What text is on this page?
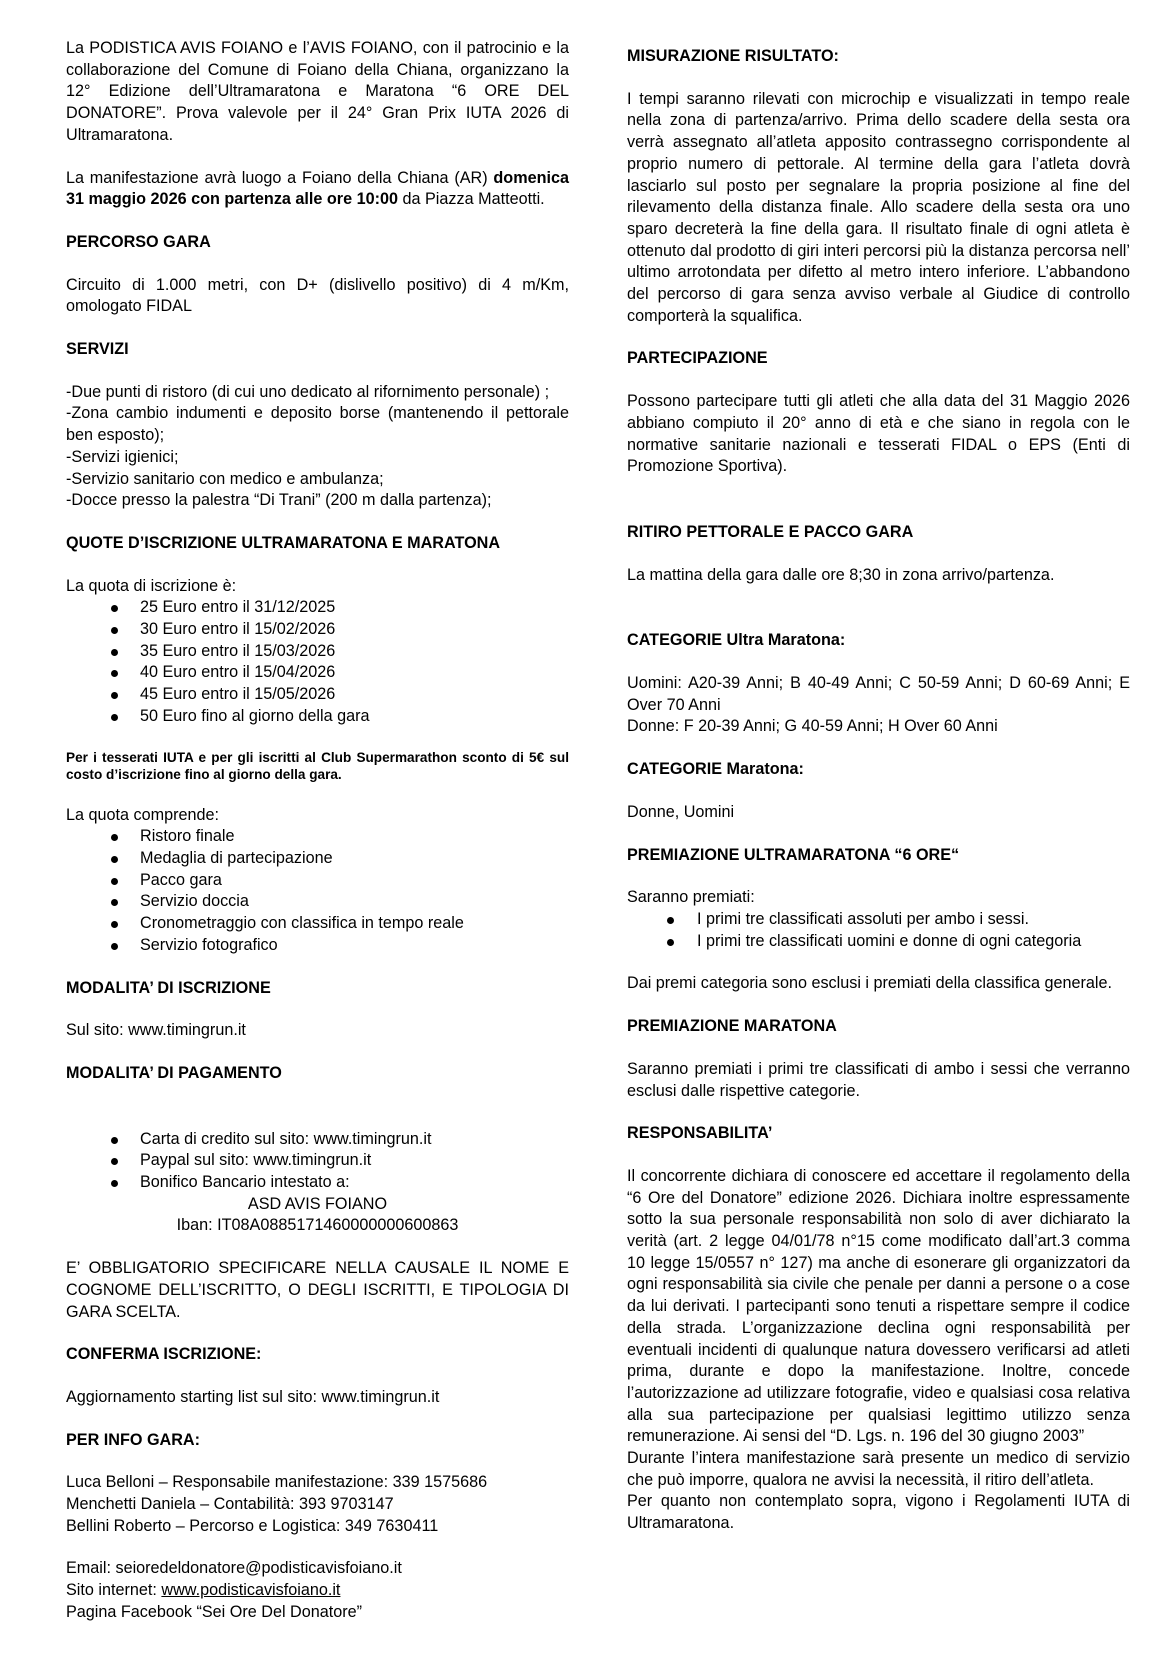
La PODISTICA AVIS FOIANO e l’AVIS FOIANO, con il patrocinio e la collaborazione del Comune di Foiano della Chiana, organizzano la 12° Edizione dell’Ultramaratona e Maratona “6 ORE DEL DONATORE”. Prova valevole per il 24° Gran Prix IUTA 2026 di Ultramaratona.

La manifestazione avrà luogo a Foiano della Chiana (AR) domenica 31 maggio 2026 con partenza alle ore 10:00 da Piazza Matteotti.

PERCORSO GARA

Circuito di 1.000 metri, con D+ (dislivello positivo) di 4 m/Km, omologato FIDAL

SERVIZI

-Due punti di ristoro (di cui uno dedicato al rifornimento personale) ;

-Zona cambio indumenti e deposito borse (mantenendo il pettorale ben esposto);

-Servizi igienici;

-Servizio sanitario con medico e ambulanza;

-Docce presso la palestra “Di Trani” (200 m dalla partenza);

QUOTE D’ISCRIZIONE ULTRAMARATONA E MARATONA

La quota di iscrizione è:

25 Euro entro il 31/12/2025
30 Euro entro il 15/02/2026
35 Euro entro il 15/03/2026
40 Euro entro il 15/04/2026
45 Euro entro il 15/05/2026
50 Euro fino al giorno della gara

Per i tesserati IUTA e per gli iscritti al Club Supermarathon sconto di 5€ sul costo d’iscrizione fino al giorno della gara.

La quota comprende:

Ristoro finale
Medaglia di partecipazione
Pacco gara
Servizio doccia
Cronometraggio con classifica in tempo reale
Servizio fotografico
MODALITA’ DI ISCRIZIONE

Sul sito: www.timingrun.it

MODALITA’ DI PAGAMENTO
Carta di credito sul sito: www.timingrun.it
Paypal sul sito: www.timingrun.it
Bonifico Bancario intestato a:

ASD AVIS FOIANO

Iban: IT08A0885171460000000600863

E’ OBBLIGATORIO SPECIFICARE NELLA CAUSALE IL NOME E COGNOME DELL’ISCRITTO, O DEGLI ISCRITTI, E TIPOLOGIA DI GARA SCELTA.

CONFERMA ISCRIZIONE:

Aggiornamento starting list sul sito: www.timingrun.it

PER INFO GARA:

Luca Belloni – Responsabile manifestazione: 339 1575686

Menchetti Daniela – Contabilità: 393 9703147

Bellini Roberto – Percorso e Logistica: 349 7630411

Email: seioredeldonatore@podisticavisfoiano.it

Sito internet: www.podisticavisfoiano.it

Pagina Facebook “Sei Ore Del Donatore”

MISURAZIONE RISULTATO:

I tempi saranno rilevati con microchip e visualizzati in tempo reale nella zona di partenza/arrivo. Prima dello scadere della sesta ora verrà assegnato all’atleta apposito contrassegno corrispondente al proprio numero di pettorale. Al termine della gara l’atleta dovrà lasciarlo sul posto per segnalare la propria posizione al fine del rilevamento della distanza finale. Allo scadere della sesta ora uno sparo decreterà la fine della gara. Il risultato finale di ogni atleta è ottenuto dal prodotto di giri interi percorsi più la distanza percorsa nell’ ultimo arrotondata per difetto al metro intero inferiore. L’abbandono del percorso di gara senza avviso verbale al Giudice di controllo comporterà la squalifica.

PARTECIPAZIONE

Possono partecipare tutti gli atleti che alla data del 31 Maggio 2026 abbiano compiuto il 20° anno di età e che siano in regola con le normative sanitarie nazionali e tesserati FIDAL o EPS (Enti di Promozione Sportiva).

RITIRO PETTORALE E PACCO GARA

La mattina della gara dalle ore 8;30 in zona arrivo/partenza.

CATEGORIE Ultra Maratona:

Uomini: A20-39 Anni; B 40-49 Anni; C 50-59 Anni; D 60-69 Anni; E Over 70 Anni

Donne: F 20-39 Anni; G 40-59 Anni; H Over 60 Anni

CATEGORIE Maratona:

Donne, Uomini

PREMIAZIONE ULTRAMARATONA “6 ORE“

Saranno premiati:

I primi tre classificati assoluti per ambo i sessi.
I primi tre classificati uomini e donne di ogni categoria

Dai premi categoria sono esclusi i premiati della classifica generale.

PREMIAZIONE MARATONA

Saranno premiati i primi tre classificati di ambo i sessi che verranno esclusi dalle rispettive categorie.

RESPONSABILITA’

Il concorrente dichiara di conoscere ed accettare il regolamento della “6 Ore del Donatore” edizione 2026. Dichiara inoltre espressamente sotto la sua personale responsabilità non solo di aver dichiarato la verità (art. 2 legge 04/01/78 n°15 come modificato dall’art.3 comma 10 legge 15/0557 n° 127) ma anche di esonerare gli organizzatori da ogni responsabilità sia civile che penale per danni a persone o a cose da lui derivati. I partecipanti sono tenuti a rispettare sempre il codice della strada. L’organizzazione declina ogni responsabilità per eventuali incidenti di qualunque natura dovessero verificarsi ad atleti prima, durante e dopo la manifestazione. Inoltre, concede l’autorizzazione ad utilizzare fotografie, video e qualsiasi cosa relativa alla sua partecipazione per qualsiasi legittimo utilizzo senza remunerazione. Ai sensi del “D. Lgs. n. 196 del 30 giugno 2003”

Durante l’intera manifestazione sarà presente un medico di servizio che può imporre, qualora ne avvisi la necessità, il ritiro dell’atleta.

Per quanto non contemplato sopra, vigono i Regolamenti IUTA di Ultramaratona.
